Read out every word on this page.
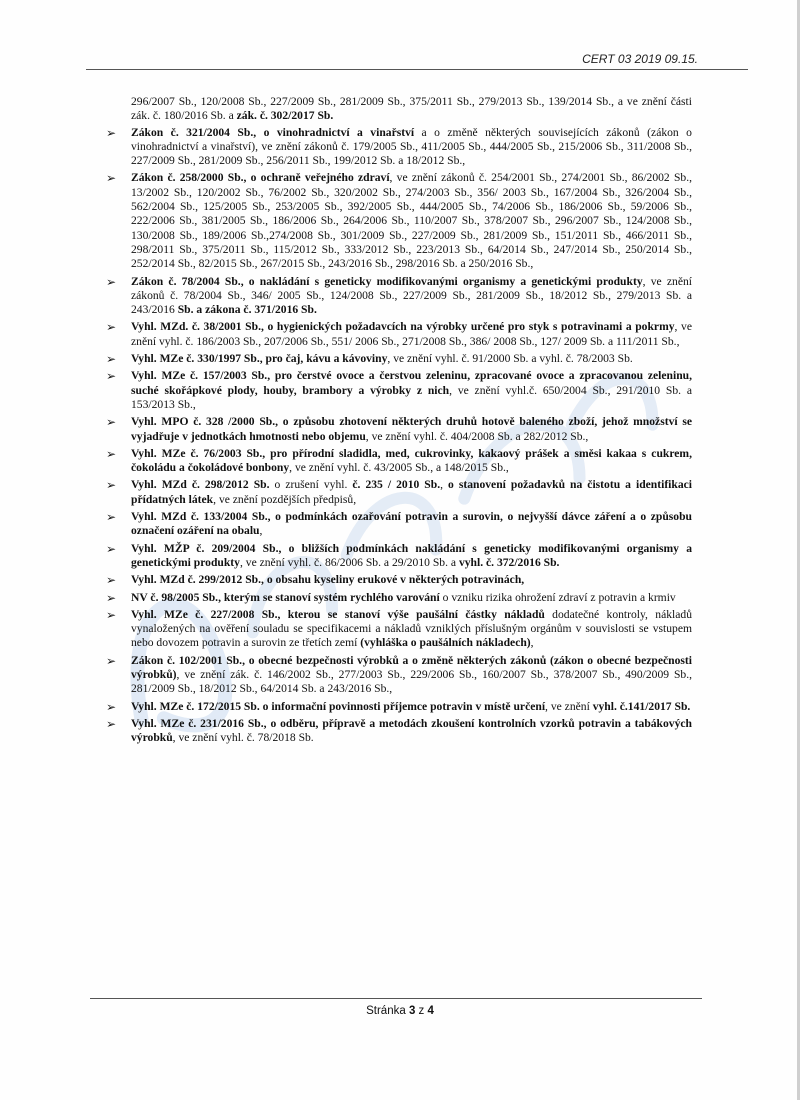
CERT 03 2019 09.15.
296/2007 Sb., 120/2008 Sb., 227/2009 Sb., 281/2009 Sb., 375/2011 Sb., 279/2013 Sb., 139/2014 Sb., a ve znění části zák. č. 180/2016 Sb. a zák. č. 302/2017 Sb.
➢ Zákon č. 321/2004 Sb., o vinohradnictví a vinařství a o změně některých souvisejících zákonů (zákon o vinohradnictví a vinařství), ve znění zákonů č. 179/2005 Sb., 411/2005 Sb., 444/2005 Sb., 215/2006 Sb., 311/2008 Sb., 227/2009 Sb., 281/2009 Sb., 256/2011 Sb., 199/2012 Sb. a 18/2012 Sb.,
➢ Zákon č. 258/2000 Sb., o ochraně veřejného zdraví, ve znění zákonů č. 254/2001 Sb., 274/2001 Sb., 86/2002 Sb., 13/2002 Sb., 120/2002 Sb., 76/2002 Sb., 320/2002 Sb., 274/2003 Sb., 356/ 2003 Sb., 167/2004 Sb., 326/2004 Sb., 562/2004 Sb., 125/2005 Sb., 253/2005 Sb., 392/2005 Sb., 444/2005 Sb., 74/2006 Sb., 186/2006 Sb., 59/2006 Sb., 222/2006 Sb., 381/2005 Sb., 186/2006 Sb., 264/2006 Sb., 110/2007 Sb., 378/2007 Sb., 296/2007 Sb., 124/2008 Sb., 130/2008 Sb., 189/2006 Sb.,274/2008 Sb., 301/2009 Sb., 227/2009 Sb., 281/2009 Sb., 151/2011 Sb., 466/2011 Sb., 298/2011 Sb., 375/2011 Sb., 115/2012 Sb., 333/2012 Sb., 223/2013 Sb., 64/2014 Sb., 247/2014 Sb., 250/2014 Sb., 252/2014 Sb., 82/2015 Sb., 267/2015 Sb., 243/2016 Sb., 298/2016 Sb. a 250/2016 Sb.,
➢ Zákon č. 78/2004 Sb., o nakládání s geneticky modifikovanými organismy a genetickými produkty, ve znění zákonů č. 78/2004 Sb., 346/ 2005 Sb., 124/2008 Sb., 227/2009 Sb., 281/2009 Sb., 18/2012 Sb., 279/2013 Sb. a 243/2016 Sb. a zákona č. 371/2016 Sb.
➢ Vyhl. MZd. č. 38/2001 Sb., o hygienických požadavcích na výrobky určené pro styk s potravinami a pokrmy, ve znění vyhl. č. 186/2003 Sb., 207/2006 Sb., 551/ 2006 Sb., 271/2008 Sb., 386/ 2008 Sb., 127/ 2009 Sb. a 111/2011 Sb.,
➢ Vyhl. MZe č. 330/1997 Sb., pro čaj, kávu a kávoviny, ve znění vyhl. č. 91/2000 Sb. a vyhl. č. 78/2003 Sb.
➢ Vyhl. MZe č. 157/2003 Sb., pro čerstvé ovoce a čerstvou zeleninu, zpracované ovoce a zpracovanou zeleninu, suché skořápkové plody, houby, brambory a výrobky z nich, ve znění vyhl.č. 650/2004 Sb., 291/2010 Sb. a 153/2013 Sb.,
➢ Vyhl. MPO č. 328 /2000 Sb., o způsobu zhotovení některých druhů hotově baleného zboží, jehož množství se vyjadřuje v jednotkách hmotnosti nebo objemu, ve znění vyhl. č. 404/2008 Sb. a 282/2012 Sb.,
➢ Vyhl. MZe č. 76/2003 Sb., pro přírodní sladidla, med, cukrovinky, kakaový prášek a směsi kakaa s cukrem, čokoládu a čokoládové bonbony, ve znění vyhl. č. 43/2005 Sb., a 148/2015 Sb.,
➢ Vyhl. MZd č. 298/2012 Sb. o zrušení vyhl. č. 235 / 2010 Sb., o stanovení požadavků na čistotu a identifikaci přídatných látek, ve znění pozdějších předpisů,
➢ Vyhl. MZd č. 133/2004 Sb., o podmínkách ozařování potravin a surovin, o nejvyšší dávce záření a o způsobu označení ozáření na obalu,
➢ Vyhl. MŽP č. 209/2004 Sb., o bližších podmínkách nakládání s geneticky modifikovanými organismy a genetickými produkty, ve znění vyhl. č. 86/2006 Sb. a 29/2010 Sb. a vyhl. č. 372/2016 Sb.
➢ Vyhl. MZd č. 299/2012 Sb., o obsahu kyseliny erukové v některých potravinách,
➢ NV č. 98/2005 Sb., kterým se stanoví systém rychlého varování o vzniku rizika ohrožení zdraví z potravin a krmiv
➢ Vyhl. MZe č. 227/2008 Sb., kterou se stanoví výše paušální částky nákladů dodatečné kontroly, nákladů vynaložených na ověření souladu se specifikacemi a nákladů vzniklých příslušným orgánům v souvislosti se vstupem nebo dovozem potravin a surovin ze třetích zemí (vyhláška o paušálních nákladech),
➢ Zákon č. 102/2001 Sb., o obecné bezpečnosti výrobků a o změně některých zákonů (zákon o obecné bezpečnosti výrobků), ve znění zák. č. 146/2002 Sb., 277/2003 Sb., 229/2006 Sb., 160/2007 Sb., 378/2007 Sb., 490/2009 Sb., 281/2009 Sb., 18/2012 Sb., 64/2014 Sb. a 243/2016 Sb.,
➢ Vyhl. MZe č. 172/2015 Sb. o informační povinnosti příjemce potravin v místě určení, ve znění vyhl. č.141/2017 Sb.
➢ Vyhl. MZe č. 231/2016 Sb., o odběru, přípravě a metodách zkoušení kontrolních vzorků potravin a tabákových výrobků, ve znění vyhl. č. 78/2018 Sb.
Stránka 3 z 4
